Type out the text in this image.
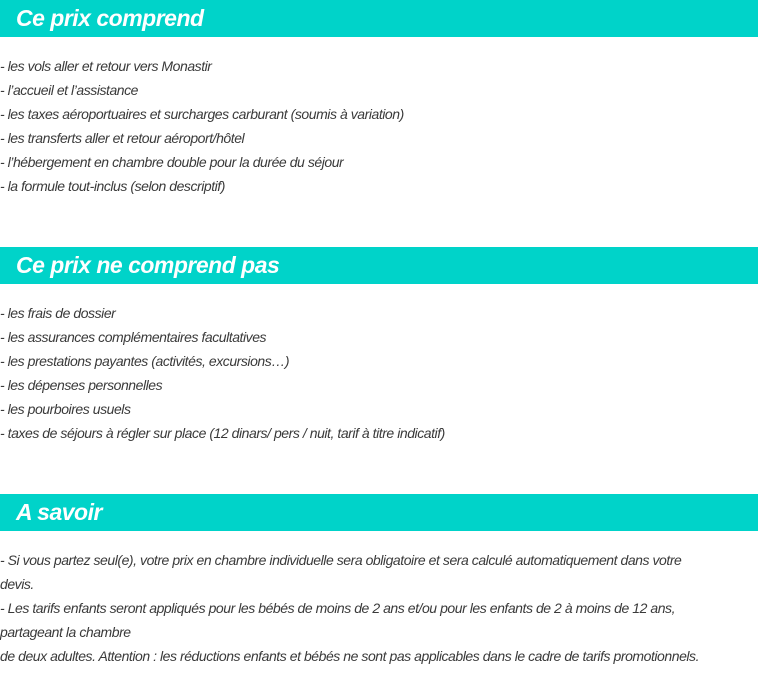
Ce prix comprend
- les vols aller et retour vers Monastir
- l’accueil et l’assistance
- les taxes aéroportuaires et surcharges carburant (soumis à variation)
- les transferts aller et retour aéroport/hôtel
- l’hébergement en chambre double pour la durée du séjour
- la formule tout-inclus (selon descriptif)
Ce prix ne comprend pas
- les frais de dossier
- les assurances complémentaires facultatives
- les prestations payantes (activités, excursions…)
- les dépenses personnelles
- les pourboires usuels
- taxes de séjours à régler sur place (12 dinars/ pers / nuit, tarif à titre indicatif)
A savoir
- Si vous partez seul(e), votre prix en chambre individuelle sera obligatoire et sera calculé automatiquement dans votre
devis.
- Les tarifs enfants seront appliqués pour les bébés de moins de 2 ans et/ou pour les enfants de 2 à moins de 12 ans,
partageant la chambre
de deux adultes. Attention : les réductions enfants et bébés ne sont pas applicables dans le cadre de tarifs promotionnels.
